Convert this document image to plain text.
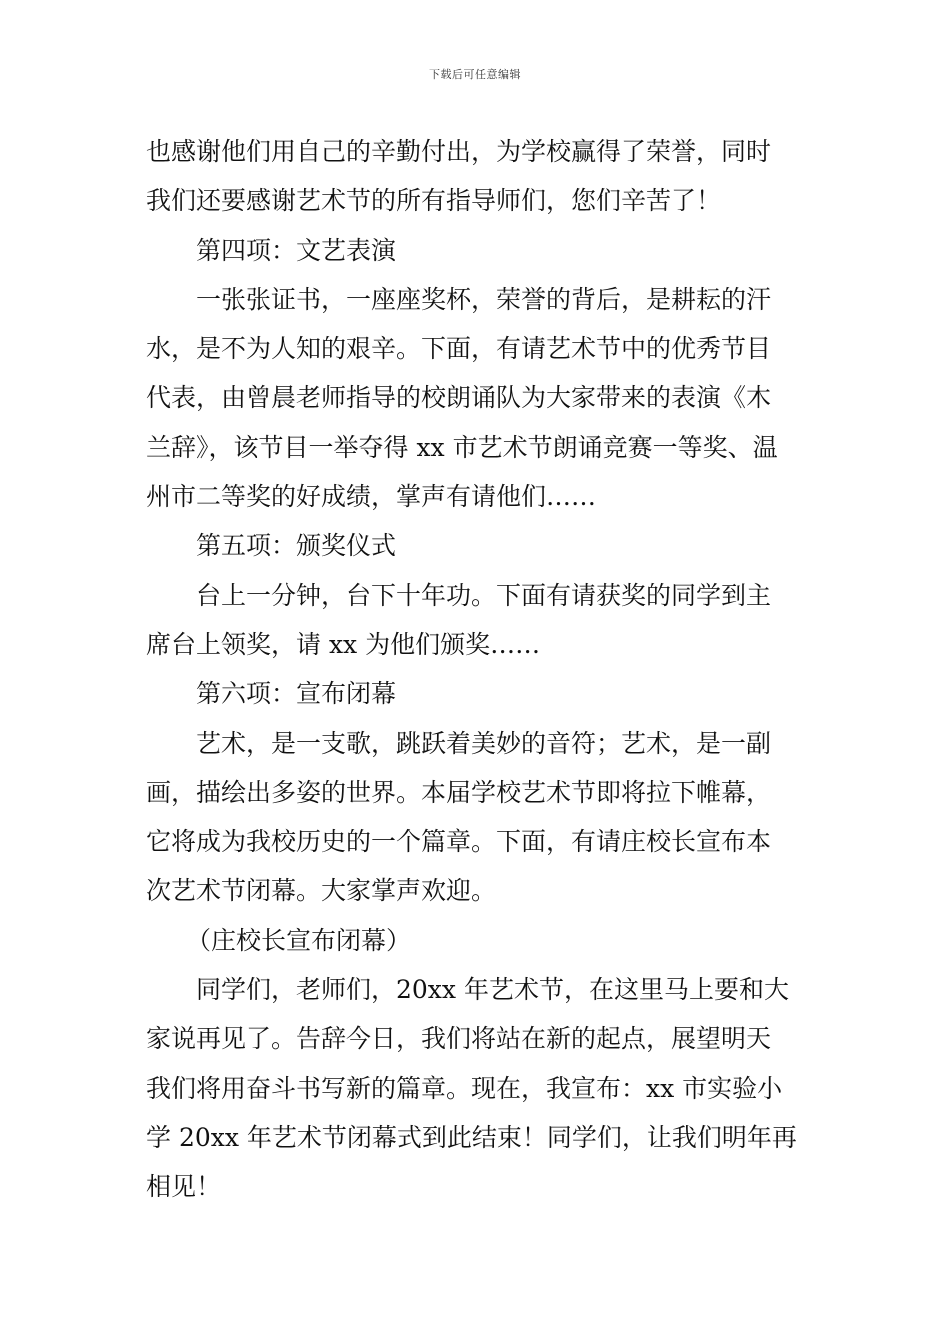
下载后可任意编辑
也感谢他们用自己的辛勤付出，为学校赢得了荣誉，同时
我们还要感谢艺术节的所有指导师们，您们辛苦了！
第四项：文艺表演
一张张证书，一座座奖杯，荣誉的背后，是耕耘的汗
水，是不为人知的艰辛。下面，有请艺术节中的优秀节目
代表，由曾晨老师指导的校朗诵队为大家带来的表演《木
兰辞》，该节目一举夺得 xx 市艺术节朗诵竞赛一等奖、温
州市二等奖的好成绩，掌声有请他们……
第五项：颁奖仪式
台上一分钟，台下十年功。下面有请获奖的同学到主
席台上领奖，请 xx 为他们颁奖……
第六项：宣布闭幕
艺术，是一支歌，跳跃着美妙的音符；艺术，是一副
画，描绘出多姿的世界。本届学校艺术节即将拉下帷幕，
它将成为我校历史的一个篇章。下面，有请庄校长宣布本
次艺术节闭幕。大家掌声欢迎。
（庄校长宣布闭幕）
同学们，老师们，20xx 年艺术节，在这里马上要和大
家说再见了。告辞今日，我们将站在新的起点，展望明天
我们将用奋斗书写新的篇章。现在，我宣布：xx 市实验小
学 20xx 年艺术节闭幕式到此结束！同学们，让我们明年再
相见！
